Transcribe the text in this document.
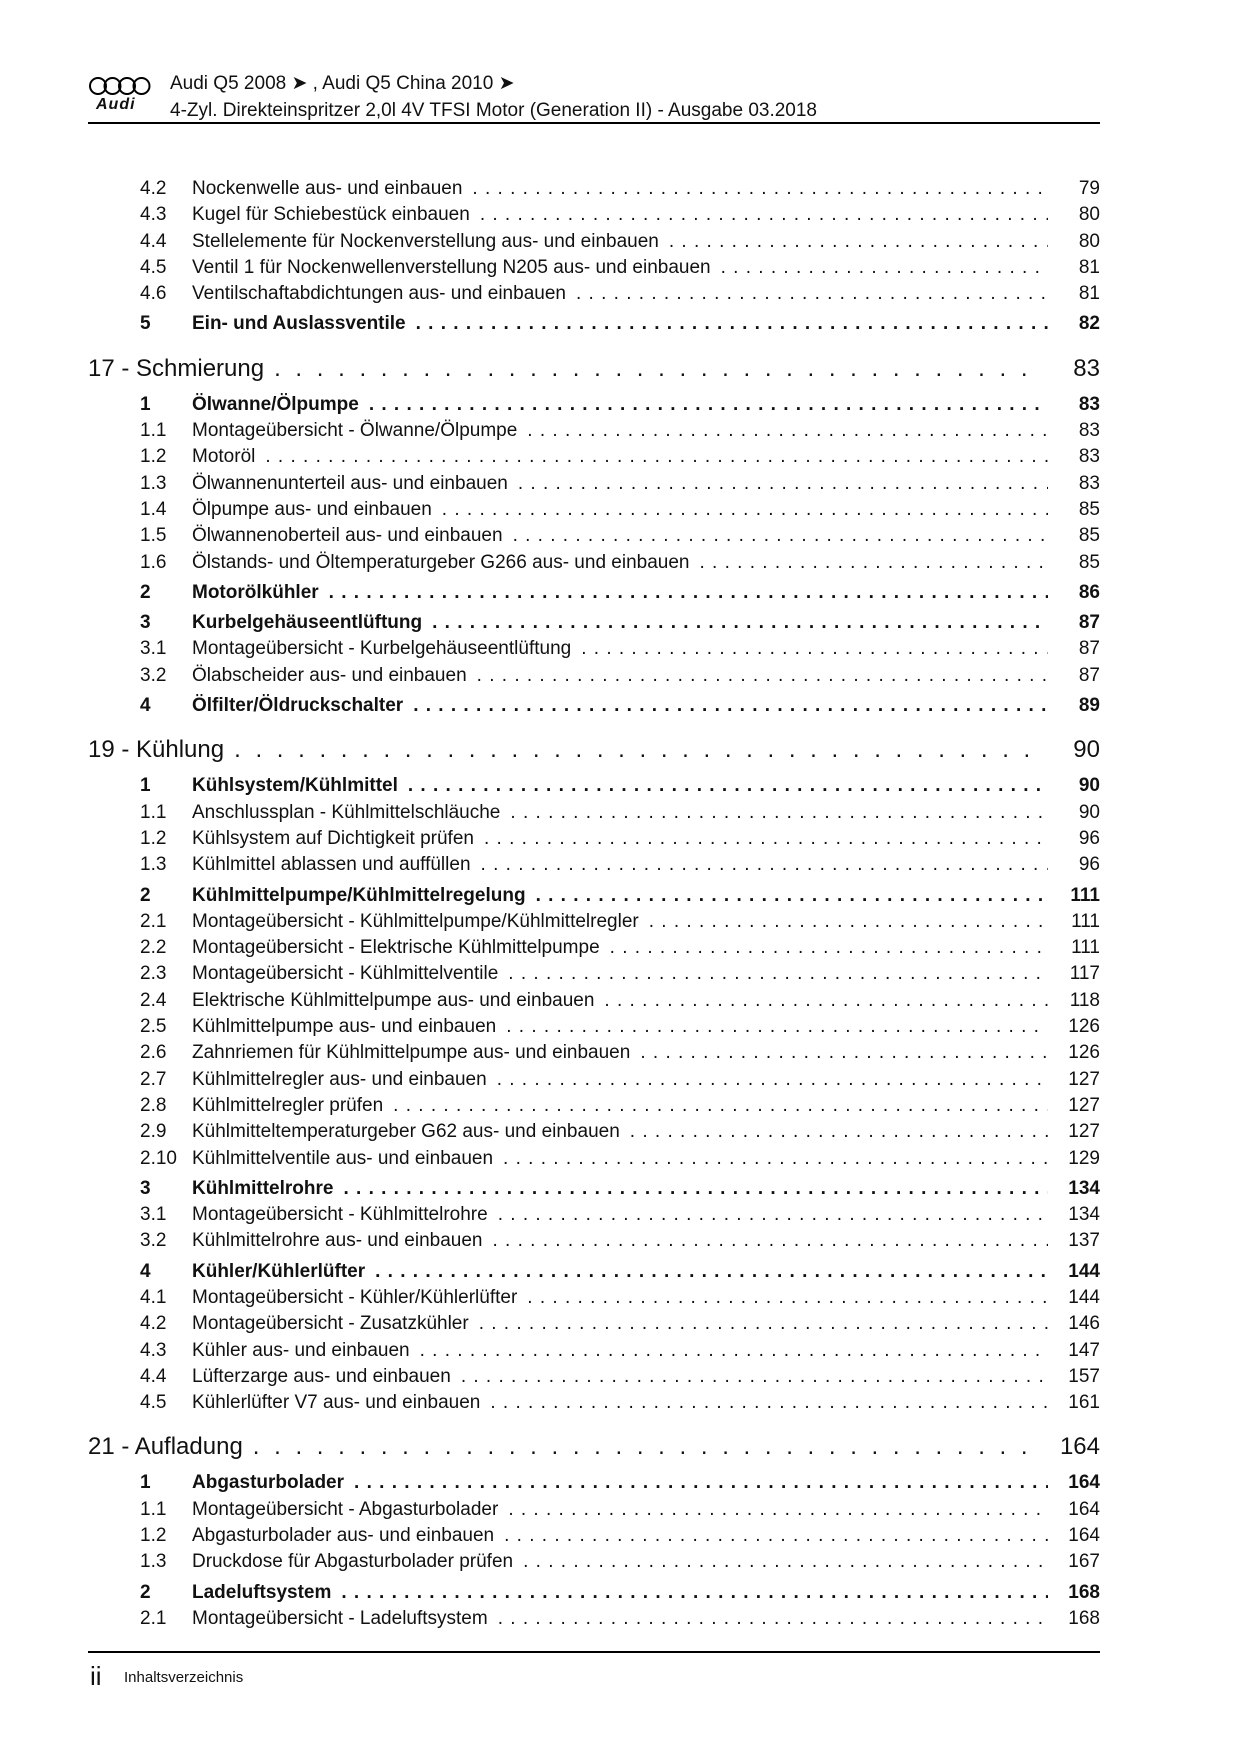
Audi
Audi Q5 2008 ➤ , Audi Q5 China 2010 ➤
4-Zyl. Direkteinspritzer 2,0l 4V TFSI Motor (Generation II) - Ausgabe 03.2018
4.2	Nockenwelle aus- und einbauen . . .	79
4.3	Kugel für Schiebestück einbauen . . .	80
4.4	Stellelemente für Nockenverstellung aus- und einbauen . . .	80
4.5	Ventil 1 für Nockenwellenverstellung N205 aus- und einbauen . . .	81
4.6	Ventilschaftabdichtungen aus- und einbauen . . .	81
5	Ein- und Auslassventile . . .	82
17 - Schmierung . . .	83
1	Ölwanne/Ölpumpe . . .	83
1.1	Montageübersicht - Ölwanne/Ölpumpe . . .	83
1.2	Motoröl . . .	83
1.3	Ölwannenunterteil aus- und einbauen . . .	83
1.4	Ölpumpe aus- und einbauen . . .	85
1.5	Ölwannenoberteil aus- und einbauen . . .	85
1.6	Ölstands- und Öltemperaturgeber G266 aus- und einbauen . . .	85
2	Motorölkühler . . .	86
3	Kurbelgehäuseentlüftung . . .	87
3.1	Montageübersicht - Kurbelgehäuseentlüftung . . .	87
3.2	Ölabscheider aus- und einbauen . . .	87
4	Ölfilter/Öldruckschalter . . .	89
19 - Kühlung . . .	90
1	Kühlsystem/Kühlmittel . . .	90
1.1	Anschlussplan - Kühlmittelschläuche . . .	90
1.2	Kühlsystem auf Dichtigkeit prüfen . . .	96
1.3	Kühlmittel ablassen und auffüllen . . .	96
2	Kühlmittelpumpe/Kühlmittelregelung . . .	111
2.1	Montageübersicht - Kühlmittelpumpe/Kühlmittelregler . . .	111
2.2	Montageübersicht - Elektrische Kühlmittelpumpe . . .	111
2.3	Montageübersicht - Kühlmittelventile . . .	117
2.4	Elektrische Kühlmittelpumpe aus- und einbauen . . .	118
2.5	Kühlmittelpumpe aus- und einbauen . . .	126
2.6	Zahnriemen für Kühlmittelpumpe aus- und einbauen . . .	126
2.7	Kühlmittelregler aus- und einbauen . . .	127
2.8	Kühlmittelregler prüfen . . .	127
2.9	Kühlmitteltemperaturgeber G62 aus- und einbauen . . .	127
2.10 Kühlmittelventile aus- und einbauen . . .	129
3	Kühlmittelrohre . . .	134
3.1	Montageübersicht - Kühlmittelrohre . . .	134
3.2	Kühlmittelrohre aus- und einbauen . . .	137
4	Kühler/Kühlerlüfter . . .	144
4.1	Montageübersicht - Kühler/Kühlerlüfter . . .	144
4.2	Montageübersicht - Zusatzkühler . . .	146
4.3	Kühler aus- und einbauen . . .	147
4.4	Lüfterzarge aus- und einbauen . . .	157
4.5	Kühlerlüfter V7 aus- und einbauen . . .	161
21 - Aufladung . . .	164
1	Abgasturbolader . . .	164
1.1	Montageübersicht - Abgasturbolader . . .	164
1.2	Abgasturbolader aus- und einbauen . . .	164
1.3	Druckdose für Abgasturbolader prüfen . . .	167
2	Ladeluftsystem . . .	168
2.1	Montageübersicht - Ladeluftsystem . . .	168
ii Inhaltsverzeichnis
